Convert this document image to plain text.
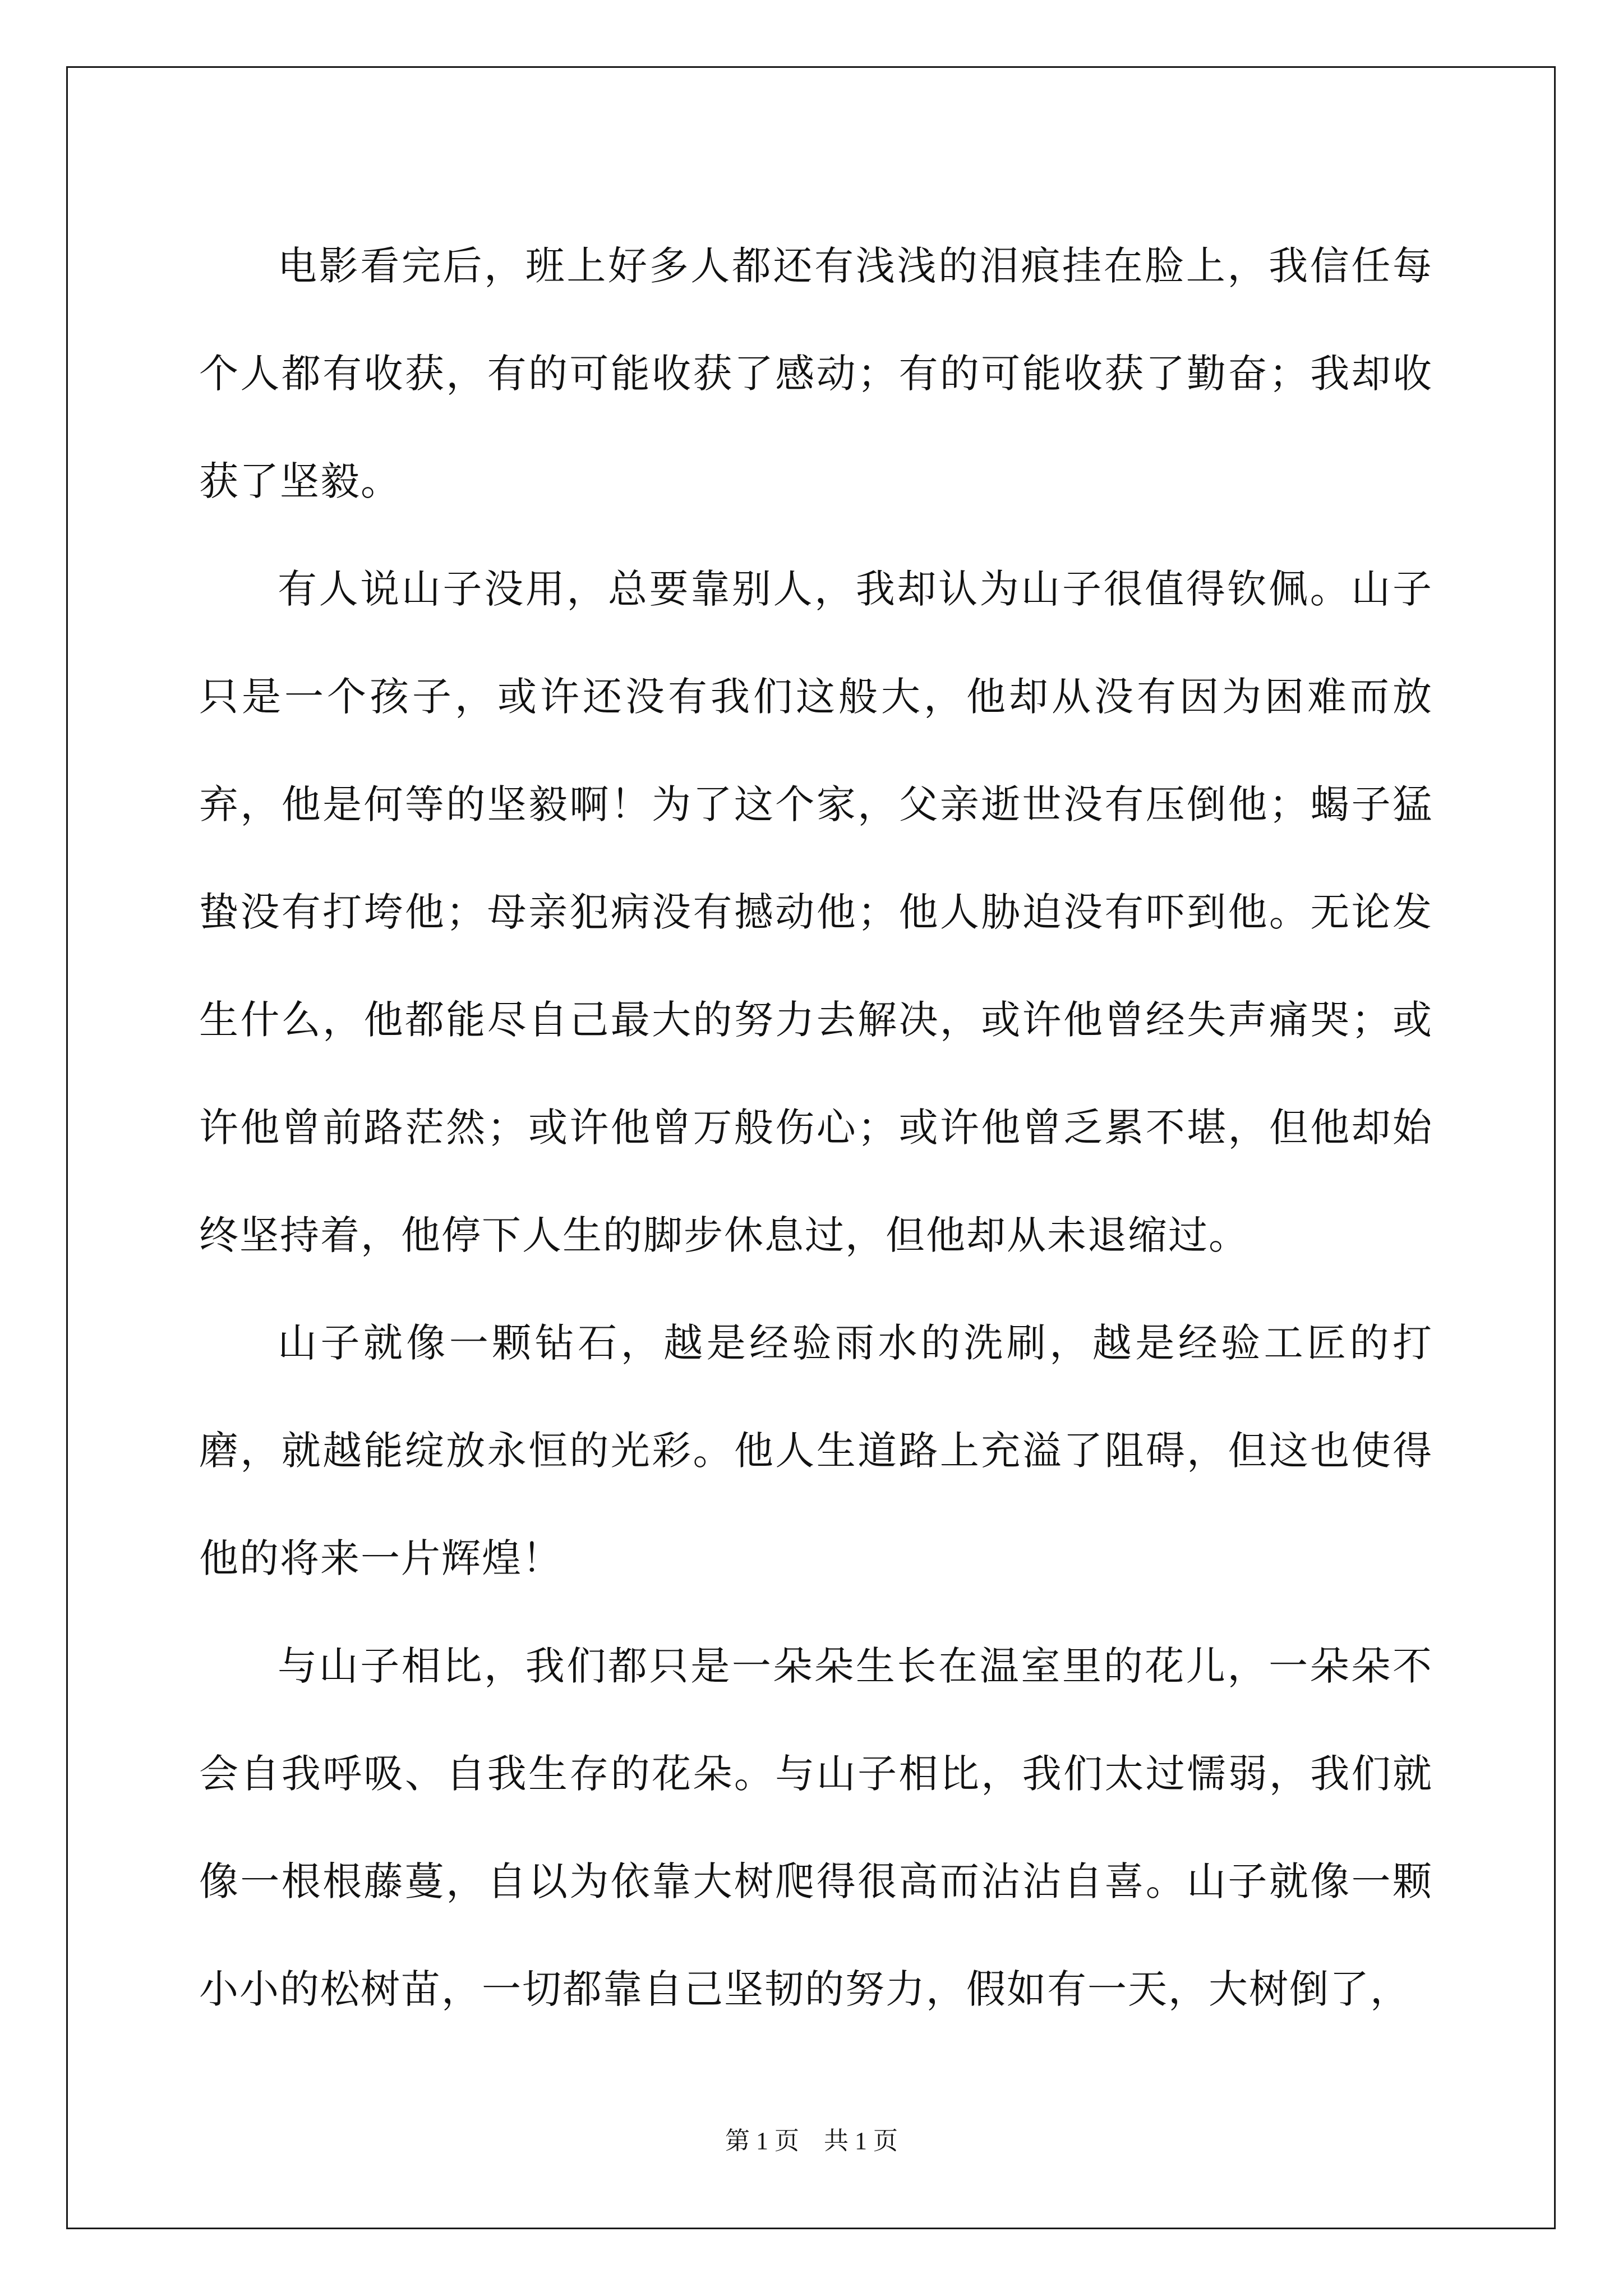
电影看完后，班上好多人都还有浅浅的泪痕挂在脸上，我信任每个人都有收获，有的可能收获了感动；有的可能收获了勤奋；我却收获了坚毅。

有人说山子没用，总要靠别人，我却认为山子很值得钦佩。山子只是一个孩子，或许还没有我们这般大，他却从没有因为困难而放弃，他是何等的坚毅啊！为了这个家，父亲逝世没有压倒他；蝎子猛蛰没有打垮他；母亲犯病没有撼动他；他人胁迫没有吓到他。无论发生什么，他都能尽自己最大的努力去解决，或许他曾经失声痛哭；或许他曾前路茫然；或许他曾万般伤心；或许他曾乏累不堪，但他却始终坚持着，他停下人生的脚步休息过，但他却从未退缩过。

山子就像一颗钻石，越是经验雨水的洗刷，越是经验工匠的打磨，就越能绽放永恒的光彩。他人生道路上充溢了阻碍，但这也使得他的将来一片辉煌！

与山子相比，我们都只是一朵朵生长在温室里的花儿，一朵朵不会自我呼吸、自我生存的花朵。与山子相比，我们太过懦弱，我们就像一根根藤蔓，自以为依靠大树爬得很高而沾沾自喜。山子就像一颗小小的松树苗，一切都靠自己坚韧的努力，假如有一天，大树倒了，

第 1 页 共 1 页
